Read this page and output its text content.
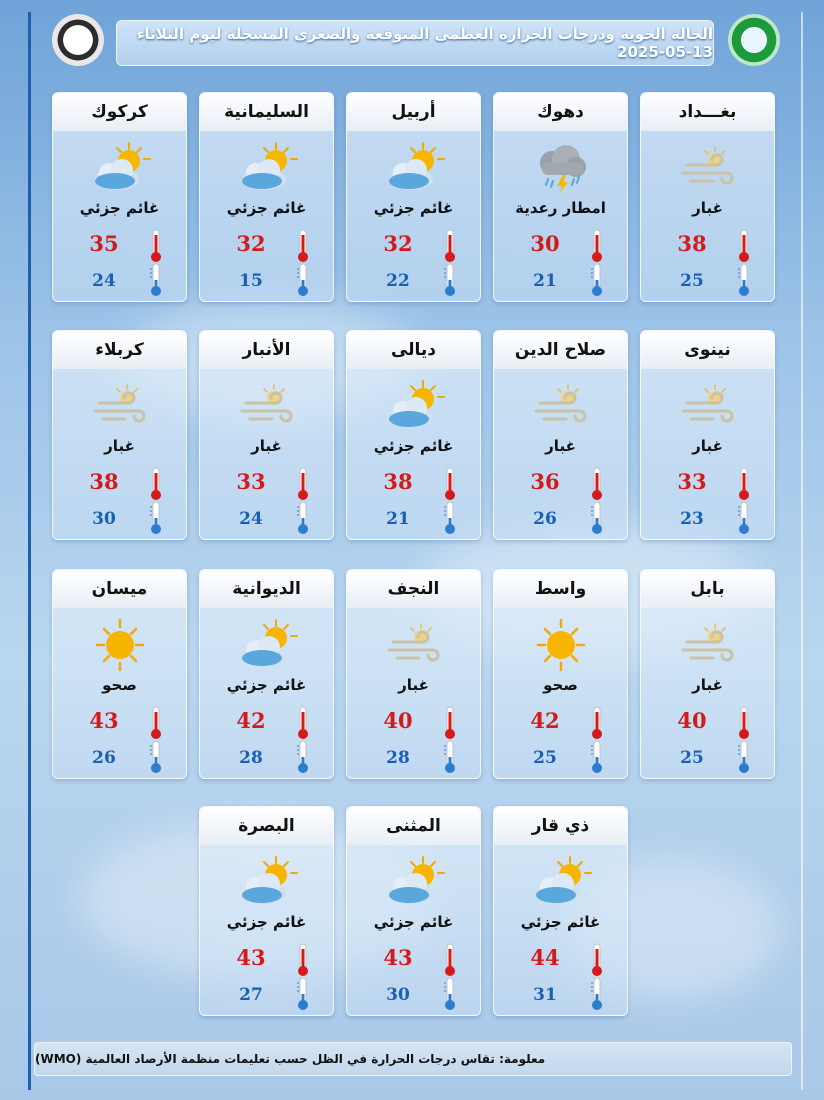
الحالة الجوية ودرجات الحرارة العظمى المتوقعة والصغرى المسجلة ليوم الثلاثاء 13-05-2025
بغـــداد
غبار
38
25
دهوك
امطار رعدية
30
21
أربيل
غائم جزئي
32
22
السليمانية
غائم جزئي
32
15
كركوك
غائم جزئي
35
24
نينوى
غبار
33
23
صلاح الدين
غبار
36
26
ديالى
غائم جزئي
38
21
الأنبار
غبار
33
24
كربلاء
غبار
38
30
بابل
غبار
40
25
واسط
صحو
42
25
النجف
غبار
40
28
الديوانية
غائم جزئي
42
28
ميسان
صحو
43
26
ذي قار
غائم جزئي
44
31
المثنى
غائم جزئي
43
30
البصرة
غائم جزئي
43
27
معلومة: تقاس درجات الحرارة في الظل حسب تعليمات منظمة الأرصاد العالمية (WMO)
